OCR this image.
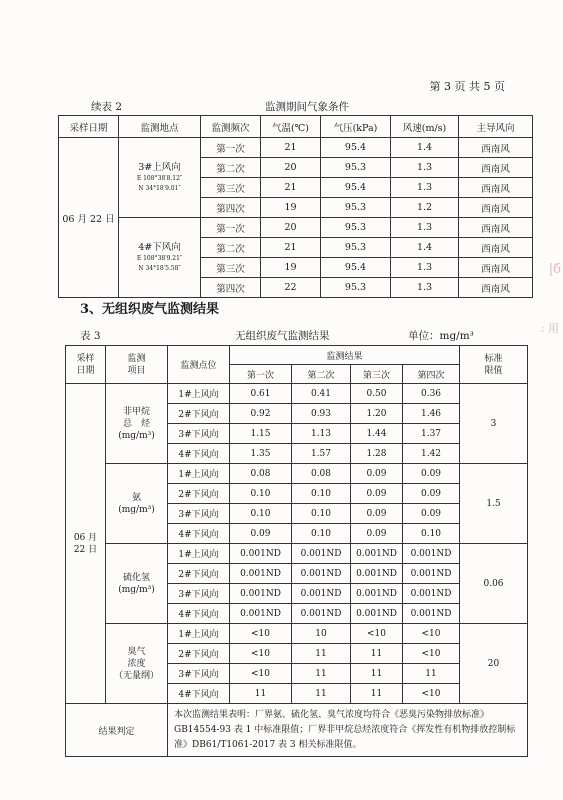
第 3 页 共 5 页
续表 2	监测期间气象条件
采样日期	监测地点	监测频次	气温(℃)	气压(kPa)	风速(m/s)	主导风向
06 月 22 日	3#上风向
E 108°38′8.12″
N 34°18′9.01″	第一次	21	95.4	1.4	西南风
		第二次	20	95.3	1.3	西南风
		第三次	21	95.4	1.3	西南风
		第四次	19	95.3	1.2	西南风

	4#下风向
E 108°38′9.21″
N 34°18′5.58″	第一次	20	95.3	1.3	西南风
		第二次	21	95.3	1.4	西南风
		第三次	19	95.4	1.3	西南风
		第四次	22	95.3	1.3	西南风
3、无组织废气监测结果
表 3	无组织废气监测结果	单位：mg/m³
采样
日期	监测
项目	监测点位	监测结果				标准
限值
			第一次	第二次	第三次	第四次	
06 月
22 日	非甲烷
总　烃
(mg/m³)	1#上风向	0.61	0.41	0.50	0.36	3
		2#下风向	0.92	0.93	1.20	1.46	
		3#下风向	1.15	1.13	1.44	1.37	
		4#下风向	1.35	1.57	1.28	1.42	
	氨
(mg/m³)	1#上风向	0.08	0.08	0.09	0.09	1.5
		2#下风向	0.10	0.10	0.09	0.09	
		3#下风向	0.10	0.10	0.09	0.09	
		4#下风向	0.09	0.10	0.09	0.10	
	硫化氢
(mg/m³)	1#上风向	0.001ND	0.001ND	0.001ND	0.001ND	0.06
		2#下风向	0.001ND	0.001ND	0.001ND	0.001ND	
		3#下风向	0.001ND	0.001ND	0.001ND	0.001ND	
		4#下风向	0.001ND	0.001ND	0.001ND	0.001ND	
	臭气
浓度
（无量纲）	1#上风向	<10	10	<10	<10	20
		2#下风向	<10	11	11	<10	
		3#下风向	<10	11	11	11	
		4#下风向	11	11	11	<10	
结果判定		本次监测结果表明：厂界氨、硫化氢、臭气浓度均符合《恶臭污染物排放标准》GB14554-93 表 1 中标准限值；厂界非甲烷总烃浓度符合《挥发性有机物排放控制标准》DB61/T1061-2017 表 3 相关标准限值。					
|б
: 用
